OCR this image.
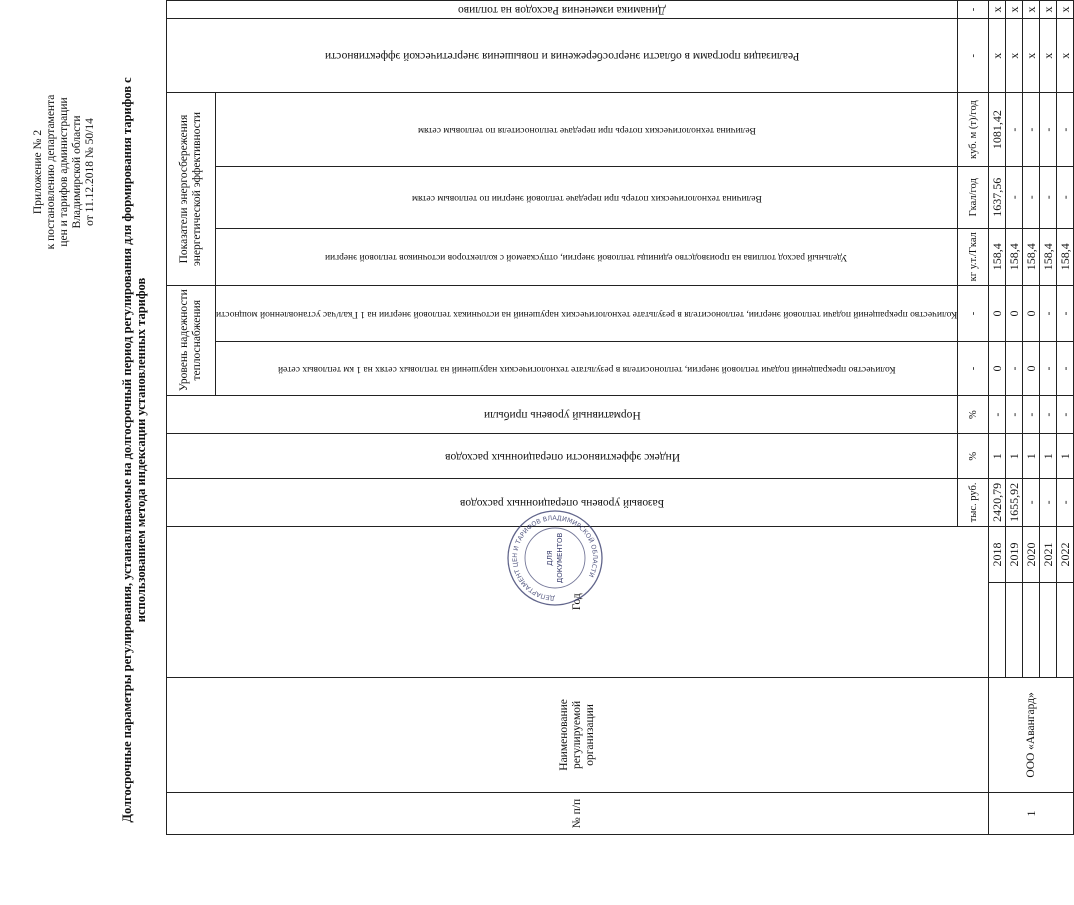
Приложение № 2 к постановлению департамента цен и тарифов администрации Владимирской области от 11.12.2018 № 50/14 Долгосрочные параметры регулирования, устанавливаемые на долгосрочный период регулирования для формирования тарифов с использованием метода индексации установленных тарифов
№ п/п	Наименование регулируемой организации	Год		Базовый уровень операционных расходов	Индекс эффективности операционных расходов	Нормативный уровень прибыли	Уровень надежности теплоснабжения		Показатели энергосбережения энергетической эффективности			Реализация программ в области энергосбережения и повышения энергетической эффективности	Динамика изменения Расходов на топливо

							Количество прекращений подачи тепловой энергии, теплоносителя в результате технологических нарушений на тепловых сетях на 1 км тепловых сетей	Количество прекращений подачи тепловой энергии, теплоносителя в результате технологических нарушений на источниках тепловой энергии на 1 Гкал/час установленной мощности	Удельный расход топлива на производство единицы тепловой энергии, отпускаемой с коллекторов источников тепловой энергии	Величина технологических потерь при передаче тепловой энергии по тепловым сетям	Величина технологических потерь при передаче теплоносителя по тепловым сетям		

				тыс. руб.	%	%	-	-	кг у.т./Гкал	Гкал/год	куб. м (т)/год	-	-
1	ООО «Авангард»		2018	2420,79	1	-	0	0	158,4	1637,56	1081,42	х	х
			2019	1655,92	1	-	-	0	158,4	-	-	х	х
			2020	-	1	-	0	0	158,4	-	-	х	х
			2021	-	1	-	-	-	158,4	-	-	х	х
			2022	-	1	-	-	-	158,4	-	-	х	х
ДЕПАРТАМЕНТ ЦЕН И ТАРИФОВ ВЛАДИМИРСКОЙ ОБЛАСТИ
ДЛЯ ДОКУМЕНТОВ
